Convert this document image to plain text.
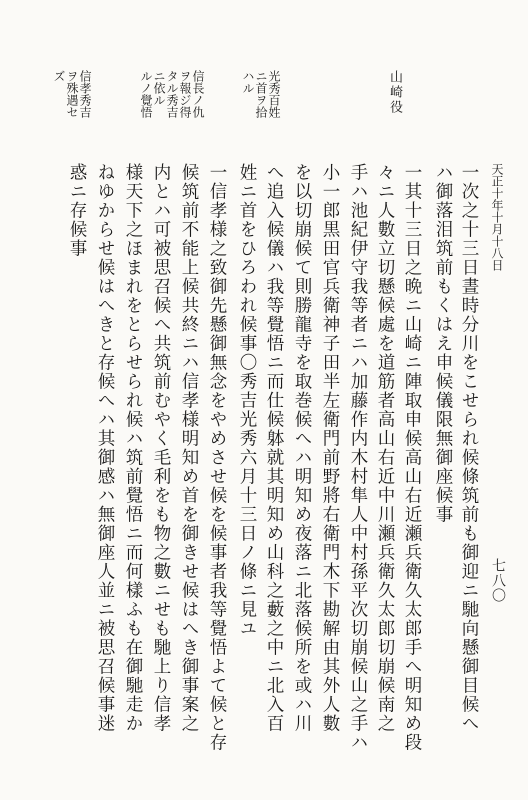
七八〇
山崎役
光秀百姓
ニ首ヲ拾
ハル
信長ノ仇
ヲ報ジ得
タル秀吉
ニ依ル
ルノ覺悟
信孝秀吉
ヲ殊遇セ
ズ
天正十年十月十八日
一次之十三日晝時分川をこせられ候條筑前も御迎ニ馳向懸御目候へ
ハ御落泪筑前もくはえ申候儀限無御座候事
一其十三日之晩ニ山崎ニ陣取申候高山右近瀬兵衛久太郎手へ明知め段
々ニ人數立切懸候處を道筋者高山右近中川瀬兵衛久太郎切崩候南之
手ハ池紀伊守我等者ニハ加藤作内木村隼人中村孫平次切崩候山之手ハ
小一郎黒田官兵衛神子田半左衛門前野將右衛門木下勘解由其外人數
を以切崩候て則勝龍寺を取巻候へハ明知め夜落ニ北落候所を或ハ川
へ追入候儀ハ我等覺悟ニ而仕候躰就其明知め山科之藪之中ニ北入百
姓ニ首をひろわれ候事〇秀吉光秀六月十三日ノ條ニ見ユ
一信孝様之致御先懸御無念をやめさせ候を候事者我等覺悟よて候と存
候筑前不能上候共終ニハ信孝様明知め首を御きせ候はへき御事案之
内とハ可被思召候へ共筑前むやく毛利をも物之數ニせも馳上り信孝
様天下之ほまれをとらせられ候ハ筑前覺悟ニ而何樣ふも在御馳走か
ねゆからせ候はへきと存候へハ其御感ハ無御座人並ニ被思召候事迷
惑ニ存候事
